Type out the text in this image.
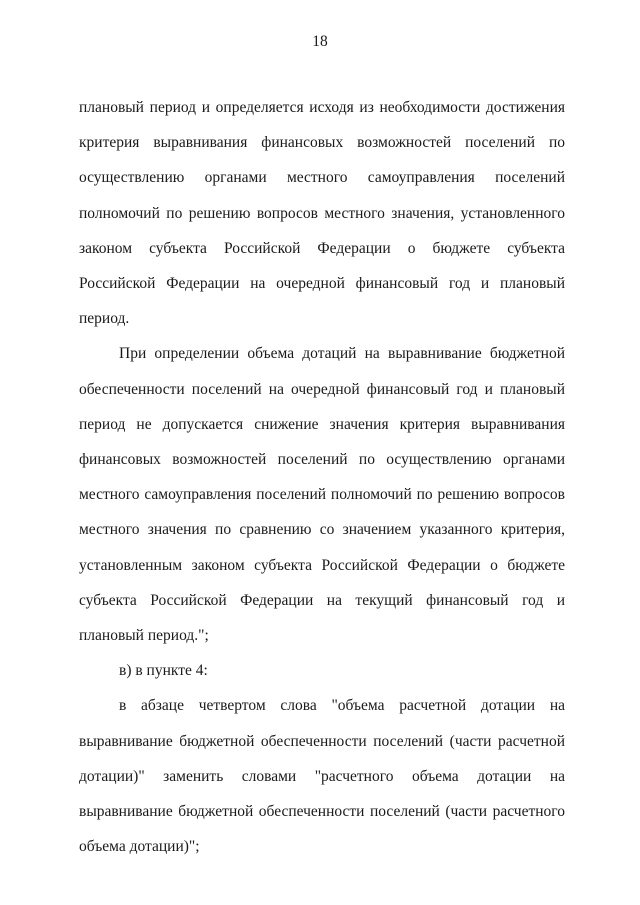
18

плановый период и определяется исходя из необходимости достижения критерия выравнивания финансовых возможностей поселений по осуществлению органами местного самоуправления поселений полномочий по решению вопросов местного значения, установленного законом субъекта Российской Федерации о бюджете субъекта Российской Федерации на очередной финансовый год и плановый период.

При определении объема дотаций на выравнивание бюджетной обеспеченности поселений на очередной финансовый год и плановый период не допускается снижение значения критерия выравнивания финансовых возможностей поселений по осуществлению органами местного самоуправления поселений полномочий по решению вопросов местного значения по сравнению со значением указанного критерия, установленным законом субъекта Российской Федерации о бюджете субъекта Российской Федерации на текущий финансовый год и плановый период.";

в) в пункте 4:

в абзаце четвертом слова "объема расчетной дотации на выравнивание бюджетной обеспеченности поселений (части расчетной дотации)" заменить словами "расчетного объема дотации на выравнивание бюджетной обеспеченности поселений (части расчетного объема дотации)";
